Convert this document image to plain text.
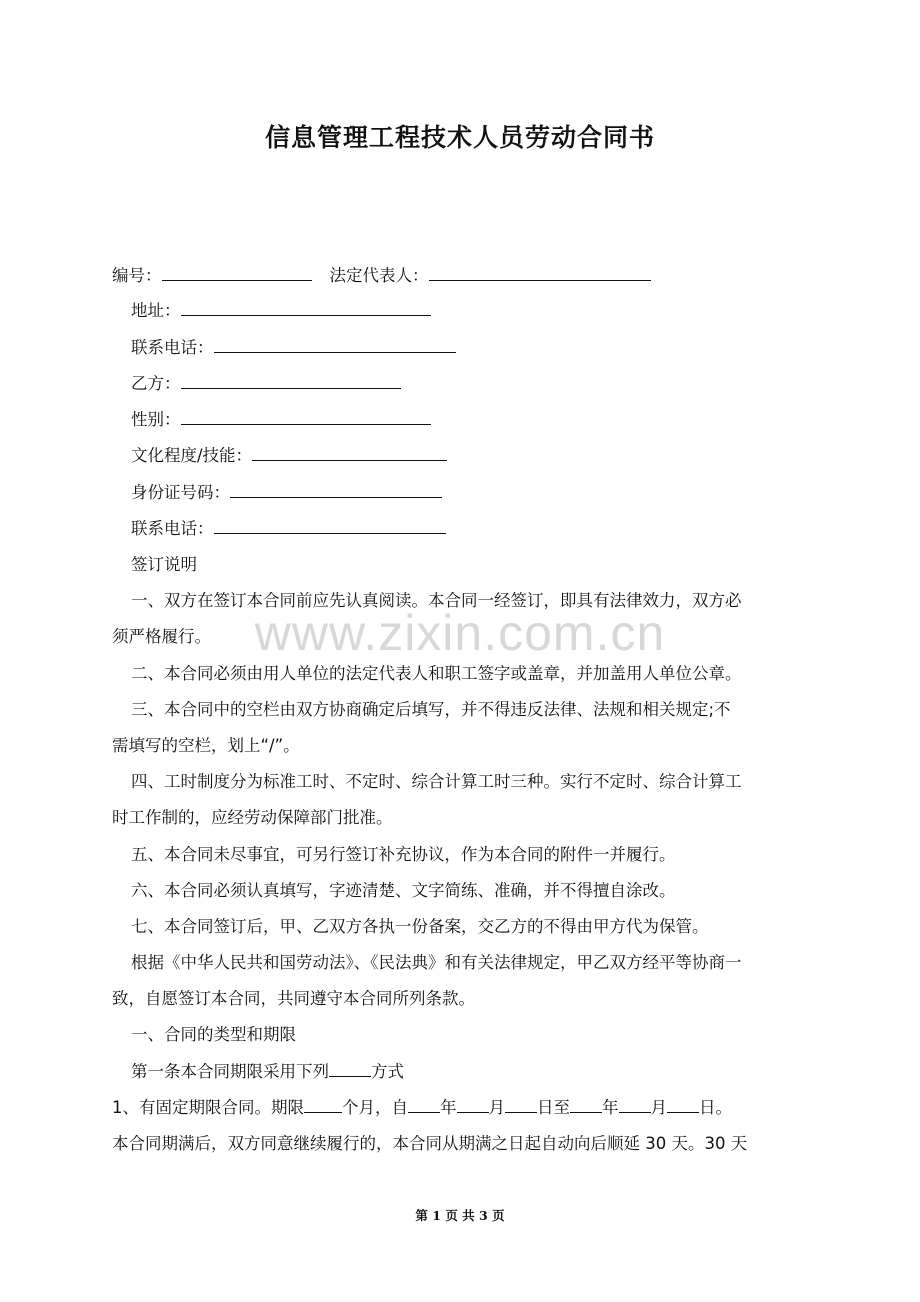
信息管理工程技术人员劳动合同书
www.zixin.com.cn
编号：	法定代表人：
地址：
联系电话：
乙方：
性别：
文化程度/技能：
身份证号码：
联系电话：
签订说明
一、双方在签订本合同前应先认真阅读。本合同一经签订，即具有法律效力，双方必
须严格履行。
二、本合同必须由用人单位的法定代表人和职工签字或盖章，并加盖用人单位公章。
三、本合同中的空栏由双方协商确定后填写，并不得违反法律、法规和相关规定;不
需填写的空栏，划上“/”。
四、工时制度分为标准工时、不定时、综合计算工时三种。实行不定时、综合计算工
时工作制的，应经劳动保障部门批准。
五、本合同未尽事宜，可另行签订补充协议，作为本合同的附件一并履行。
六、本合同必须认真填写，字迹清楚、文字简练、准确，并不得擅自涂改。
七、本合同签订后，甲、乙双方各执一份备案，交乙方的不得由甲方代为保管。
根据《中华人民共和国劳动法》、《民法典》和有关法律规定，甲乙双方经平等协商一
致，自愿签订本合同，共同遵守本合同所列条款。
一、合同的类型和期限
第一条本合同期限采用下列	方式
1、有固定期限合同。期限 个月，自 年 月 日至 年 月 日。
本合同期满后，双方同意继续履行的，本合同从期满之日起自动向后顺延 30 天。30 天
第 1 页 共 3 页
